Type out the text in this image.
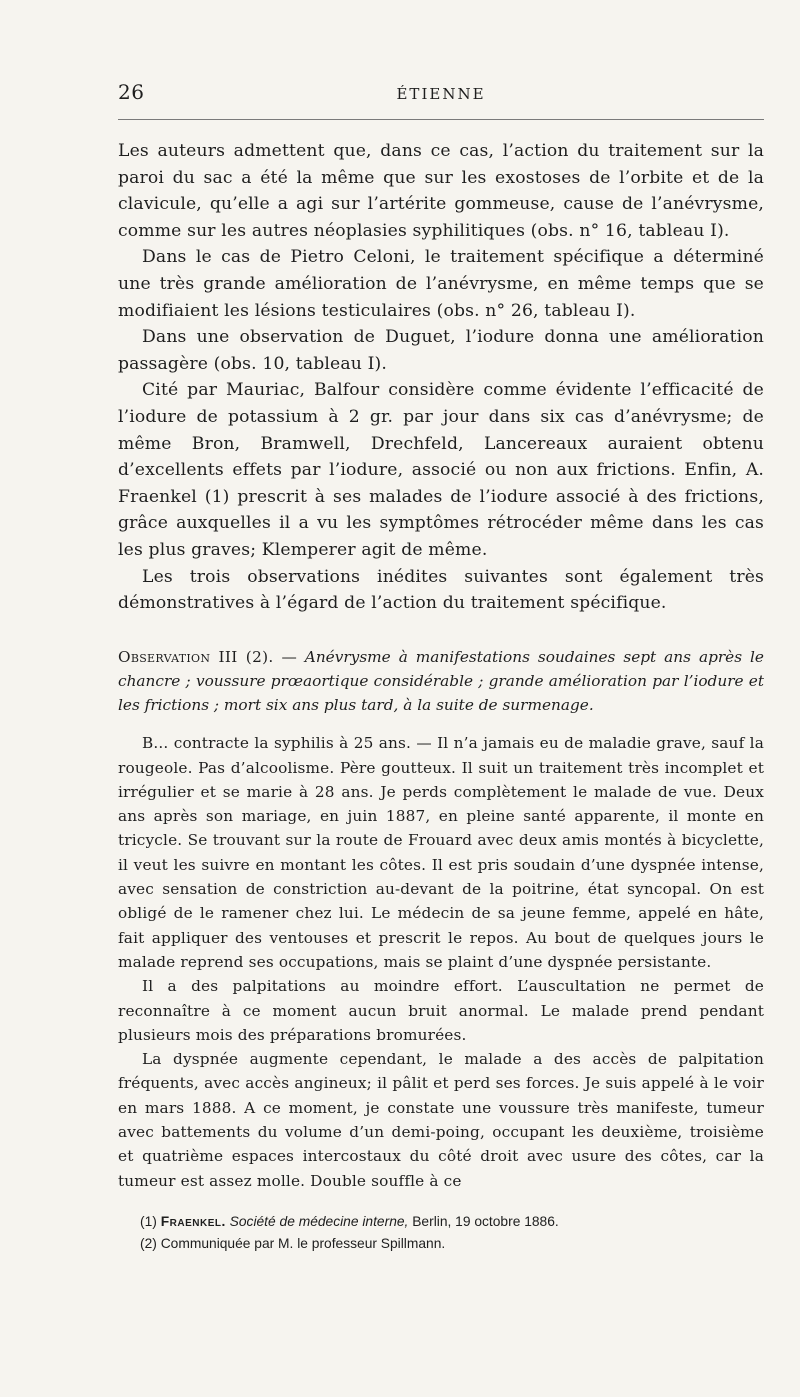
26	ÉTIENNE

Les auteurs admettent que, dans ce cas, l’action du traitement sur la paroi du sac a été la même que sur les exostoses de l’orbite et de la clavicule, qu’elle a agi sur l’artérite gommeuse, cause de l’anévrysme, comme sur les autres néoplasies syphilitiques (obs. n° 16, tableau I).

Dans le cas de Pietro Celoni, le traitement spécifique a déterminé une très grande amélioration de l’anévrysme, en même temps que se modifiaient les lésions testiculaires (obs. n° 26, tableau I).

Dans une observation de Duguet, l’iodure donna une amélioration passagère (obs. 10, tableau I).

Cité par Mauriac, Balfour considère comme évidente l’efficacité de l’iodure de potassium à 2 gr. par jour dans six cas d’anévrysme; de même Bron, Bramwell, Drechfeld, Lancereaux auraient obtenu d’excellents effets par l’iodure, associé ou non aux frictions. Enfin, A. Fraenkel (1) prescrit à ses malades de l’iodure associé à des frictions, grâce auxquelles il a vu les symptômes rétrocéder même dans les cas les plus graves; Klemperer agit de même.

Les trois observations inédites suivantes sont également très démonstratives à l’égard de l’action du traitement spécifique.

Observation III (2). — Anévrysme à manifestations soudaines sept ans après le chancre ; voussure prœaortique considérable ; grande amélioration par l’iodure et les frictions ; mort six ans plus tard, à la suite de surmenage.

B... contracte la syphilis à 25 ans. — Il n’a jamais eu de maladie grave, sauf la rougeole. Pas d’alcoolisme. Père goutteux. Il suit un traitement très incomplet et irrégulier et se marie à 28 ans. Je perds complètement le malade de vue. Deux ans après son mariage, en juin 1887, en pleine santé apparente, il monte en tricycle. Se trouvant sur la route de Frouard avec deux amis montés à bicyclette, il veut les suivre en montant les côtes. Il est pris soudain d’une dyspnée intense, avec sensation de constriction au-devant de la poitrine, état syncopal. On est obligé de le ramener chez lui. Le médecin de sa jeune femme, appelé en hâte, fait appliquer des ventouses et prescrit le repos. Au bout de quelques jours le malade reprend ses occupations, mais se plaint d’une dyspnée persistante.

Il a des palpitations au moindre effort. L’auscultation ne permet de reconnaître à ce moment aucun bruit anormal. Le malade prend pendant plusieurs mois des préparations bromurées.

La dyspnée augmente cependant, le malade a des accès de palpitation fréquents, avec accès angineux; il pâlit et perd ses forces. Je suis appelé à le voir en mars 1888. A ce moment, je constate une voussure très manifeste, tumeur avec battements du volume d’un demi-poing, occupant les deuxième, troisième et quatrième espaces intercostaux du côté droit avec usure des côtes, car la tumeur est assez molle. Double souffle à ce

(1) Fraenkel. Société de médecine interne, Berlin, 19 octobre 1886.

(2) Communiquée par M. le professeur Spillmann.
